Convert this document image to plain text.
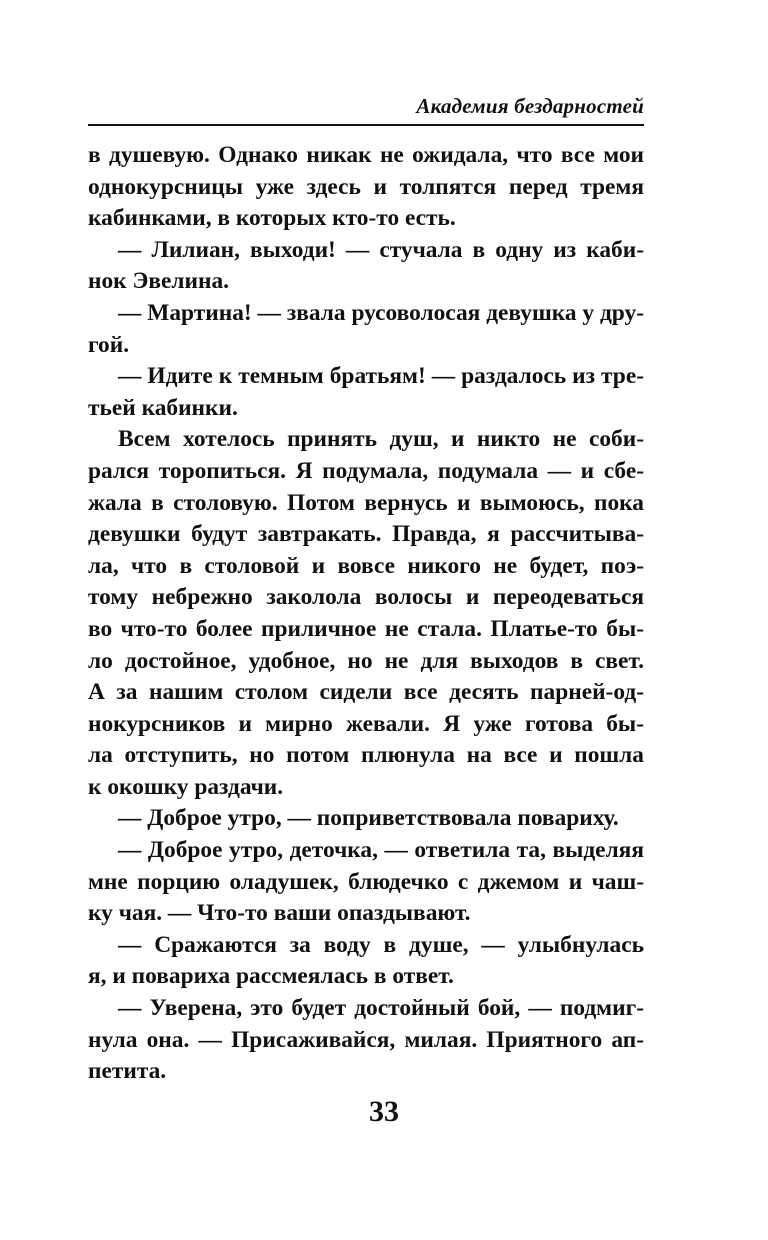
Академия бездарностей
в душевую. Однако никак не ожидала, что все мои
однокурсницы уже здесь и толпятся перед тремя
кабинками, в которых кто-то есть.
— Лилиан, выходи! — стучала в одну из каби-
нок Эвелина.
— Мартина! — звала русоволосая девушка у дру-
гой.
— Идите к темным братьям! — раздалось из тре-
тьей кабинки.
Всем хотелось принять душ, и никто не соби-
рался торопиться. Я подумала, подумала — и сбе-
жала в столовую. Потом вернусь и вымоюсь, пока
девушки будут завтракать. Правда, я рассчитыва-
ла, что в столовой и вовсе никого не будет, поэ-
тому небрежно заколола волосы и переодеваться
во что-то более приличное не стала. Платье-то бы-
ло достойное, удобное, но не для выходов в свет.
А за нашим столом сидели все десять парней-од-
нокурсников и мирно жевали. Я уже готова бы-
ла отступить, но потом плюнула на все и пошла
к окошку раздачи.
— Доброе утро, — поприветствовала повариху.
— Доброе утро, деточка, — ответила та, выделяя
мне порцию оладушек, блюдечко с джемом и чаш-
ку чая. — Что-то ваши опаздывают.
— Сражаются за воду в душе, — улыбнулась
я, и повариха рассмеялась в ответ.
— Уверена, это будет достойный бой, — подмиг-
нула она. — Присаживайся, милая. Приятного ап-
петита.
33
